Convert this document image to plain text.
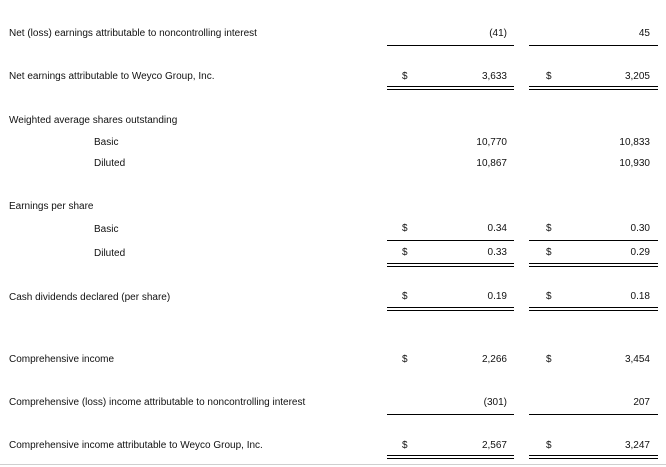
Net (loss) earnings attributable to noncontrolling interest	(41)	45
Net earnings attributable to Weyco Group, Inc.	$	3,633	$	3,205
Weighted average shares outstanding
Basic	10,770	10,833
Diluted	10,867	10,930
Earnings per share
Basic	$	0.34	$	0.30
Diluted	$	0.33	$	0.29
Cash dividends declared (per share)	$	0.19	$	0.18
Comprehensive income	$	2,266	$	3,454
Comprehensive (loss) income attributable to noncontrolling interest	(301)	207
Comprehensive income attributable to Weyco Group, Inc.	$	2,567	$	3,247
